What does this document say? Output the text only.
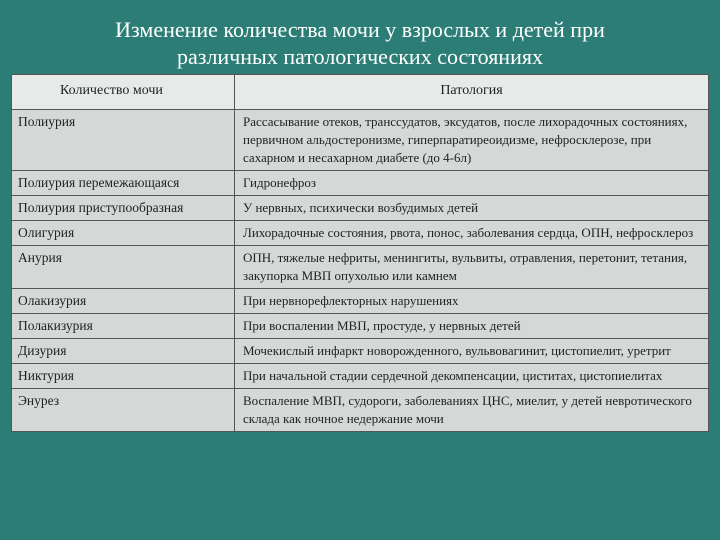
Изменение количества мочи у взрослых и детей при
различных патологических состояниях
Количество мочи	Патология
Полиурия	Рассасывание отеков, транссудатов, эксудатов, после лихорадочных состояниях, первичном альдостеронизме, гиперпаратиреоидизме, нефросклерозе, при сахарном и несахарном диабете (до 4-6л)
Полиурия перемежающаяся	Гидронефроз
Полиурия приступообразная	У нервных, психически возбудимых детей
Олигурия	Лихорадочные состояния, рвота, понос, заболевания сердца, ОПН, нефросклероз
Анурия	ОПН, тяжелые нефриты, менингиты, вульвиты, отравления, перетонит, тетания, закупорка МВП опухолью или камнем
Олакизурия	При нервнорефлекторных нарушениях
Полакизурия	При воспалении МВП, простуде, у нервных детей
Дизурия	Мочекислый инфаркт новорожденного, вульвовагинит, цистопиелит, уретрит
Никтурия	При начальной стадии сердечной декомпенсации, циститах, цистопиелитах
Энурез	Воспаление МВП, судороги, заболеваниях ЦНС, миелит, у детей невротического склада как ночное недержание мочи
